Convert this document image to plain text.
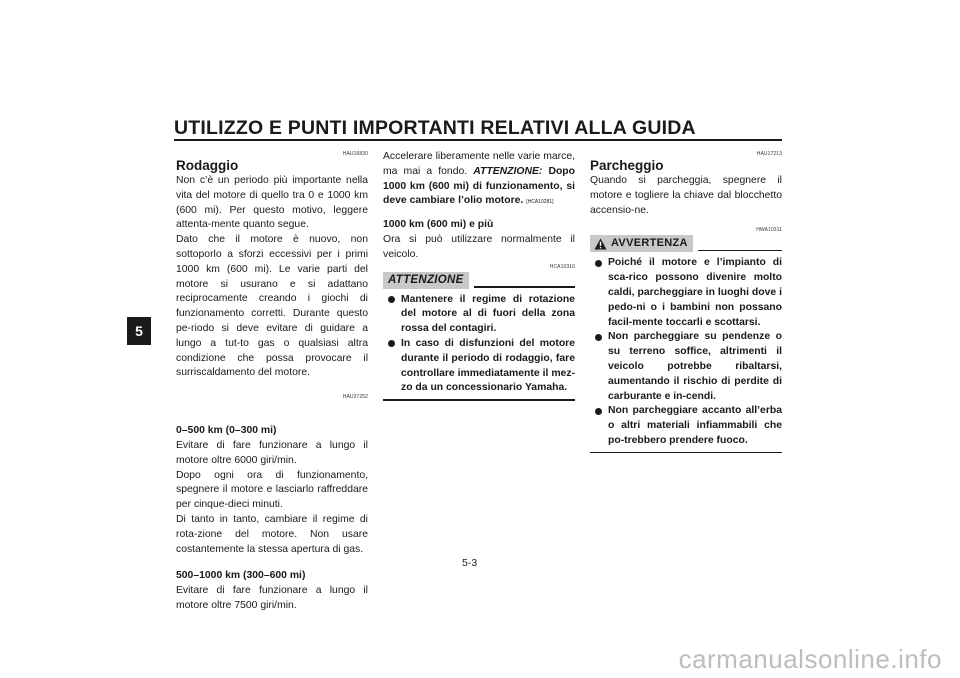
UTILIZZO E PUNTI IMPORTANTI RELATIVI ALLA GUIDA
5
HAU16830
Rodaggio

Non c’è un periodo più importante nella vita del motore di quello tra 0 e 1000 km (600 mi). Per questo motivo, leggere attenta-mente quanto segue.

Dato che il motore è nuovo, non sottoporlo a sforzi eccessivi per i primi 1000 km (600 mi). Le varie parti del motore si usurano e si adattano reciprocamente creando i giochi di funzionamento corretti. Durante questo pe-riodo si deve evitare di guidare a lungo a tut-to gas o qualsiasi altra condizione che possa provocare il surriscaldamento del motore.

HAU37252

0–500 km (0–300 mi)

Evitare di fare funzionare a lungo il motore oltre 6000 giri/min.

Dopo ogni ora di funzionamento, spegnere il motore e lasciarlo raffreddare per cinque-dieci minuti.

Di tanto in tanto, cambiare il regime di rota-zione del motore. Non usare costantemente la stessa apertura di gas.

500–1000 km (300–600 mi)

Evitare di fare funzionare a lungo il motore oltre 7500 giri/min.

Accelerare liberamente nelle varie marce, ma mai a fondo. ATTENZIONE: Dopo 1000 km (600 mi) di funzionamento, si deve cambiare l’olio motore. [HCA10281]

1000 km (600 mi) e più

Ora si può utilizzare normalmente il veicolo.

HCA10310
ATTENZIONE
Mantenere il regime di rotazione del motore al di fuori della zona rossa del contagiri.
In caso di disfunzioni del motore durante il periodo di rodaggio, fare controllare immediatamente il mez-zo da un concessionario Yamaha.
HAU17213
Parcheggio

Quando si parcheggia, spegnere il motore e togliere la chiave dal blocchetto accensio-ne.

HWA10311
AVVERTENZA
Poiché il motore e l’impianto di sca-rico possono divenire molto caldi, parcheggiare in luoghi dove i pedo-ni o i bambini non possano facil-mente toccarli e scottarsi.
Non parcheggiare su pendenze o su terreno soffice, altrimenti il veicolo potrebbe ribaltarsi, aumentando il rischio di perdite di carburante e in-cendi.
Non parcheggiare accanto all’erba o altri materiali infiammabili che po-trebbero prendere fuoco.
5-3
carmanualsonline.info
